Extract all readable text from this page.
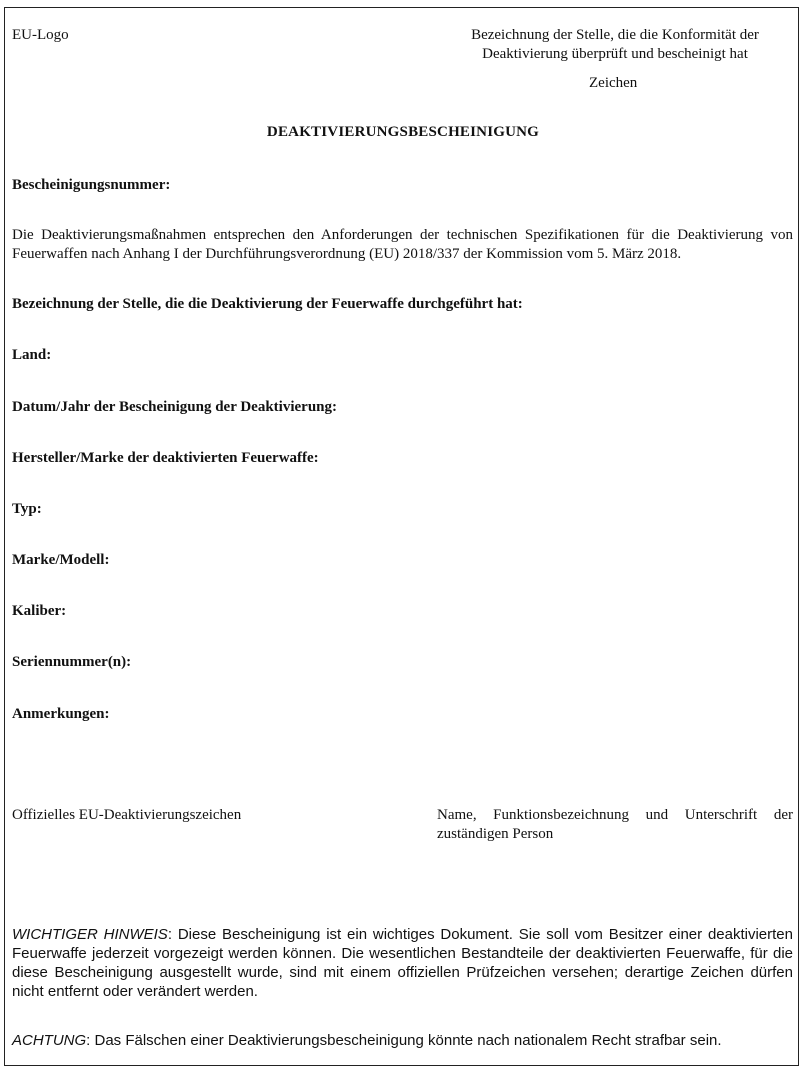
EU-Logo	Bezeichnung der Stelle, die die Konformität der Deaktivierung überprüft und bescheinigt hat
Zeichen
DEAKTIVIERUNGSBESCHEINIGUNG
Bescheinigungsnummer:
Die Deaktivierungsmaßnahmen entsprechen den Anforderungen der technischen Spezifikationen für die Deaktivierung von Feuerwaffen nach Anhang I der Durchführungsverordnung (EU) 2018/337 der Kommission vom 5. März 2018.
Bezeichnung der Stelle, die die Deaktivierung der Feuerwaffe durchgeführt hat:
Land:
Datum/Jahr der Bescheinigung der Deaktivierung:
Hersteller/Marke der deaktivierten Feuerwaffe:
Typ:
Marke/Modell:
Kaliber:
Seriennummer(n):
Anmerkungen:
Offizielles EU-Deaktivierungszeichen	Name, Funktionsbezeichnung und Unterschrift der zuständigen Person
WICHTIGER HINWEIS: Diese Bescheinigung ist ein wichtiges Dokument. Sie soll vom Besitzer einer deaktivierten Feuerwaffe jederzeit vorgezeigt werden können. Die wesentlichen Bestandteile der deaktivierten Feuerwaffe, für die diese Bescheinigung ausgestellt wurde, sind mit einem offiziellen Prüfzeichen versehen; derartige Zeichen dürfen nicht entfernt oder verändert werden.
ACHTUNG: Das Fälschen einer Deaktivierungsbescheinigung könnte nach nationalem Recht strafbar sein.
